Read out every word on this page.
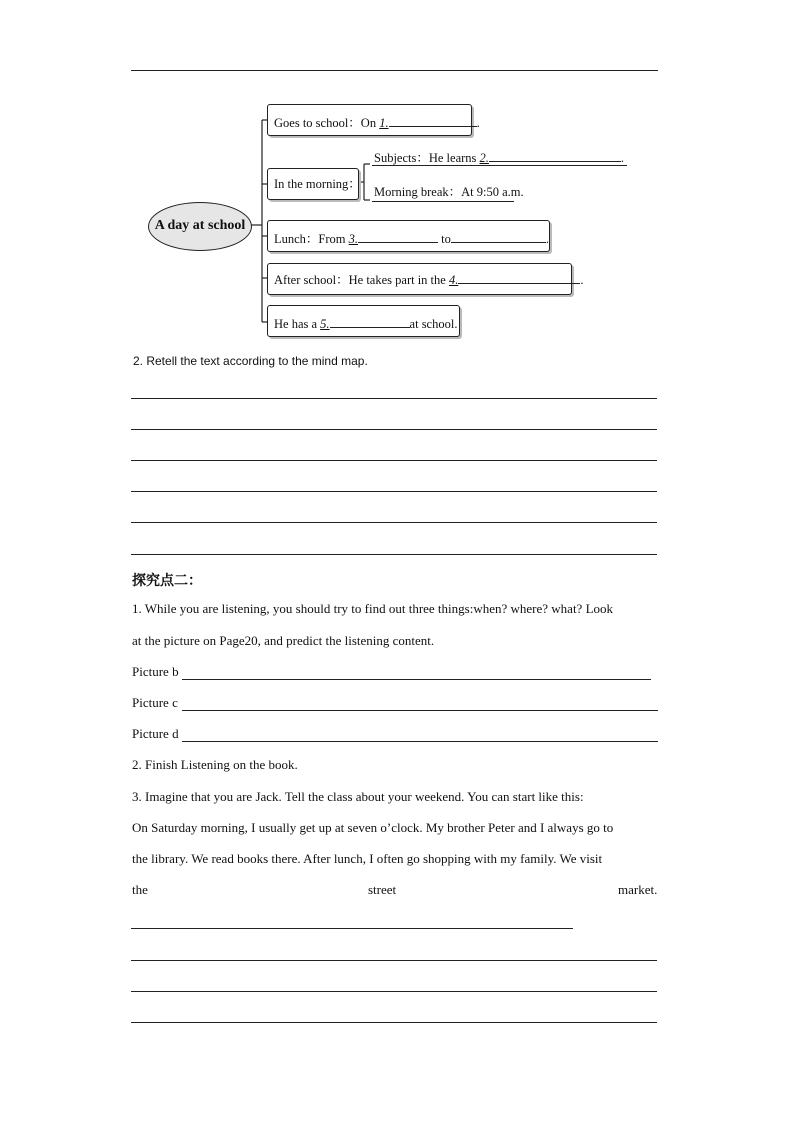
A day at school
Goes to school：On 1.	.
In the morning：
Subjects：He learns 2.	.
Morning break：At 9:50 a.m.
Lunch：From 3.	to	.
After school：He takes part in the 4.	.
He has a 5.	at school.
2. Retell the text according to the mind map.
探究点二：
1. While you are listening, you should try to find out three things:when? where? what? Look
at the picture on Page20, and predict the listening content.
Picture b
Picture c
Picture d
2. Finish Listening on the book.
3. Imagine that you are Jack. Tell the class about your weekend. You can start like this:
On Saturday morning, I usually get up at seven o’clock. My brother Peter and I always go to
the library. We read books there. After lunch, I often go shopping with my family. We visit
the	street	market.
